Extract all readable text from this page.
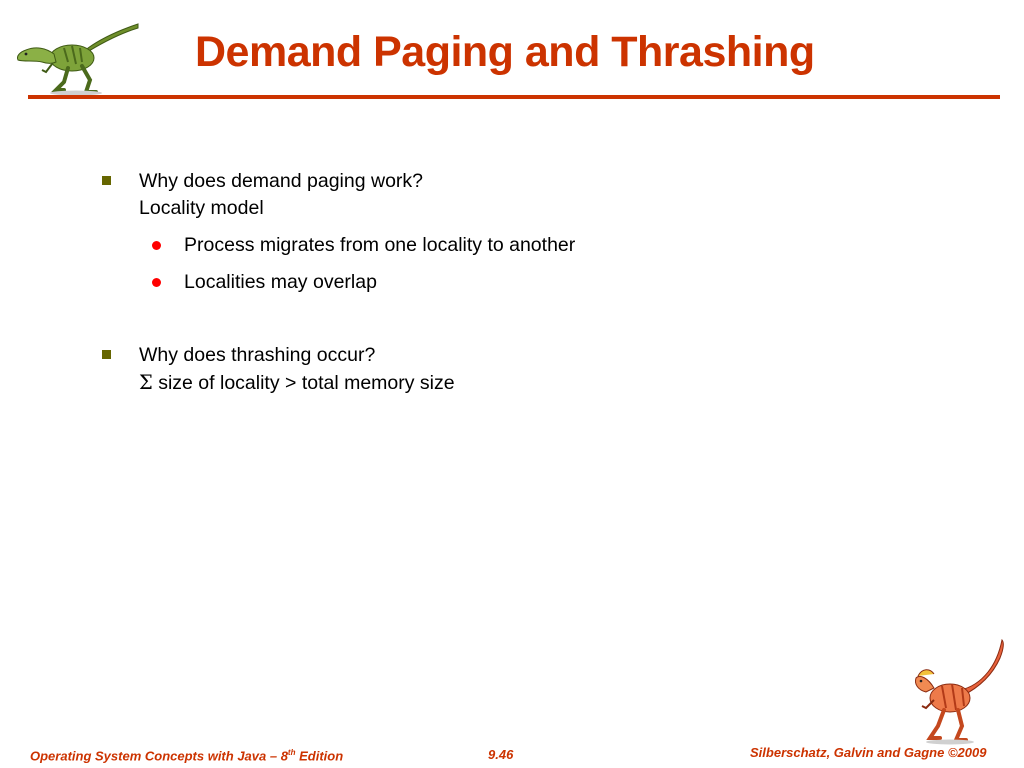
Demand Paging and Thrashing
Why does demand paging work?
Locality model
Process migrates from one locality to another
Localities may overlap
Why does thrashing occur?
Σ size of locality > total memory size
Operating System Concepts with Java – 8th Edition	9.46	Silberschatz, Galvin and Gagne ©2009
